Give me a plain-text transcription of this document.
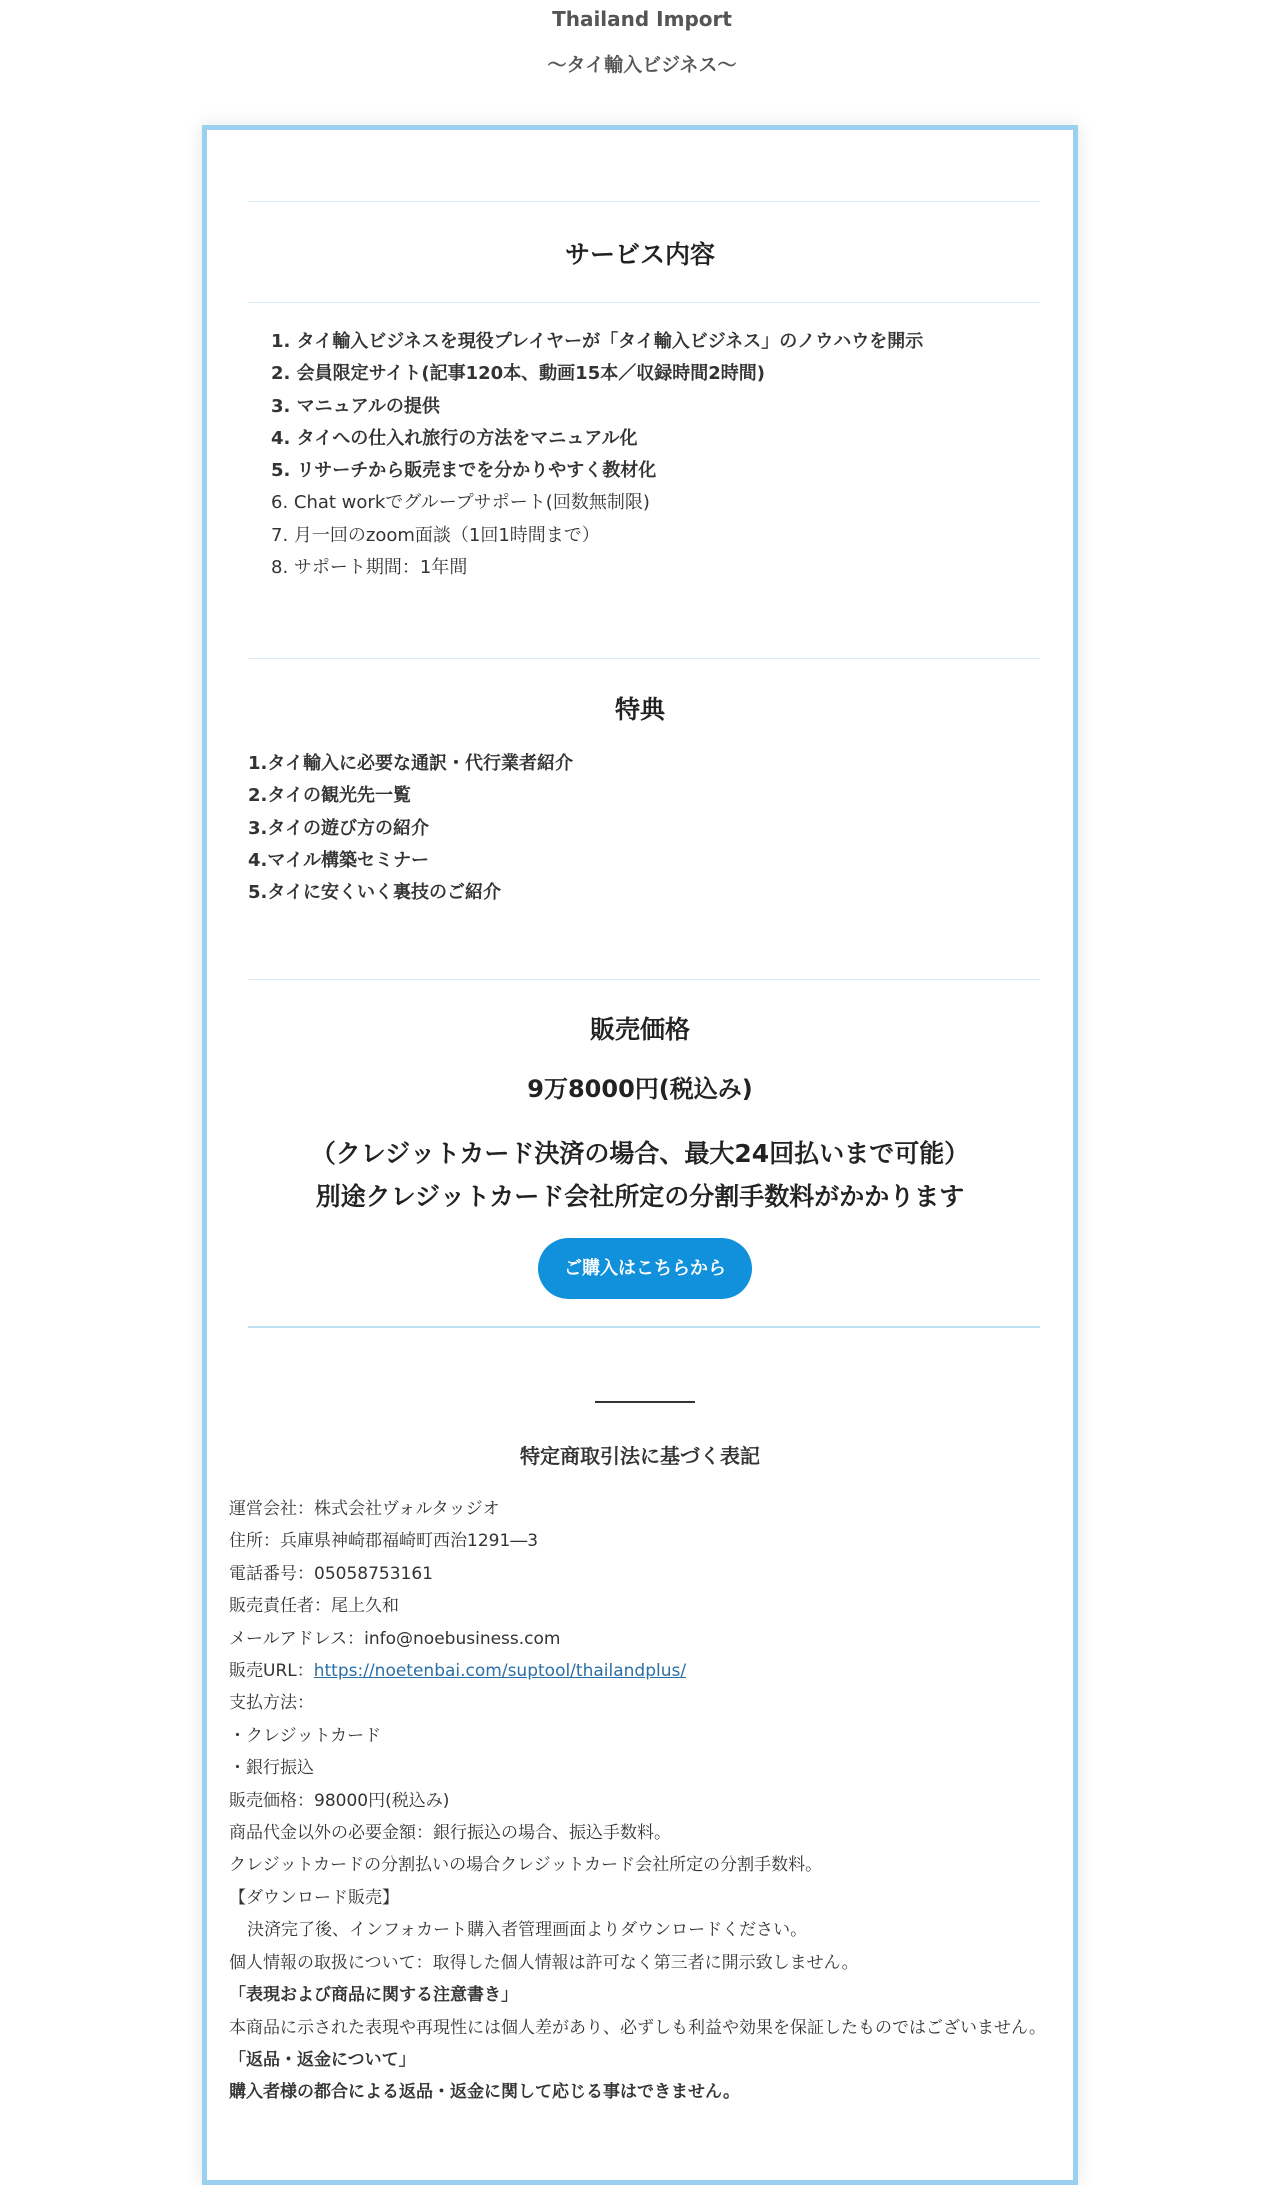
Thailand Import
〜タイ輸入ビジネス〜
サービス内容
1. タイ輸入ビジネスを現役プレイヤーが「タイ輸入ビジネス」のノウハウを開示
2. 会員限定サイト(記事120本、動画15本／収録時間2時間)
3. マニュアルの提供
4. タイへの仕入れ旅行の方法をマニュアル化
5. リサーチから販売までを分かりやすく教材化
6. Chat workでグループサポート(回数無制限)
7. 月一回のzoom面談（1回1時間まで）
8. サポート期間：1年間
特典
1.タイ輸入に必要な通訳・代行業者紹介
2.タイの観光先一覧
3.タイの遊び方の紹介
4.マイル構築セミナー
5.タイに安くいく裏技のご紹介
販売価格
9万8000円(税込み)
（クレジットカード決済の場合、最大24回払いまで可能）
別途クレジットカード会社所定の分割手数料がかかります
ご購入はこちらから
特定商取引法に基づく表記
運営会社：株式会社ヴォルタッジオ
住所：兵庫県神崎郡福崎町西治1291―3
電話番号：05058753161
販売責任者：尾上久和
メールアドレス：info@noebusiness.com
販売URL：https://noetenbai.com/suptool/thailandplus/
支払方法：
・クレジットカード
・銀行振込
販売価格：98000円(税込み)
商品代金以外の必要金額：銀行振込の場合、振込手数料。
クレジットカードの分割払いの場合クレジットカード会社所定の分割手数料。
【ダウンロード販売】
決済完了後、インフォカート購入者管理画面よりダウンロードください。
個人情報の取扱について：取得した個人情報は許可なく第三者に開示致しません。
「表現および商品に関する注意書き」
本商品に示された表現や再現性には個人差があり、必ずしも利益や効果を保証したものではございません。
「返品・返金について」
購入者様の都合による返品・返金に関して応じる事はできません。
